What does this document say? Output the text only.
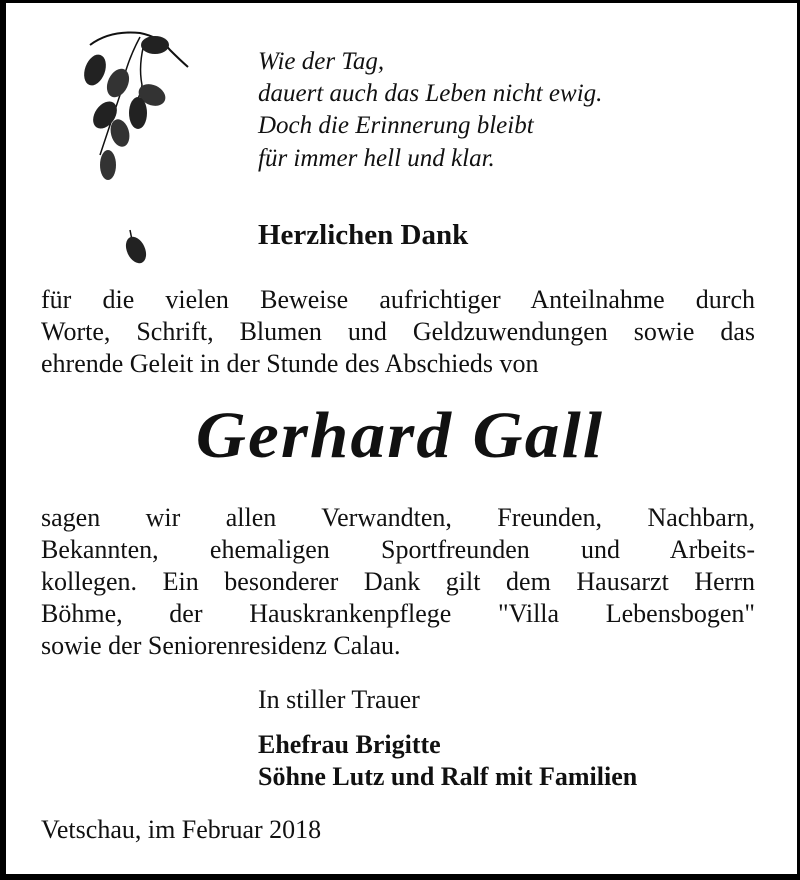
Wie der Tag,
dauert auch das Leben nicht ewig.
Doch die Erinnerung bleibt
für immer hell und klar.
Herzlichen Dank
für die vielen Beweise aufrichtiger Anteilnahme durch
Worte, Schrift, Blumen und Geldzuwendungen sowie das
ehrende Geleit in der Stunde des Abschieds von
Gerhard Gall
sagen wir allen Verwandten, Freunden, Nachbarn,
Bekannten, ehemaligen Sportfreunden und Arbeits-
kollegen. Ein besonderer Dank gilt dem Hausarzt Herrn
Böhme, der Hauskrankenpflege "Villa Lebensbogen"
sowie der Seniorenresidenz Calau.
In stiller Trauer
Ehefrau Brigitte
Söhne Lutz und Ralf mit Familien
Vetschau, im Februar 2018
